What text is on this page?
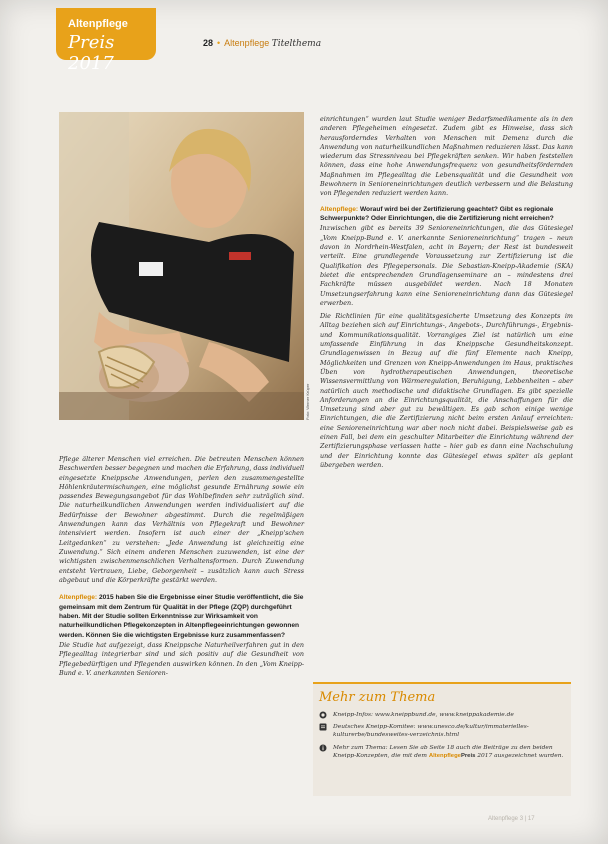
Altenpflege
Preis 2017
28 • Altenpflege Titelthema
Foto: Werner Krüper

Pflege älterer Menschen viel erreichen. Die betreuten Menschen können Beschwerden besser begegnen und machen die Erfahrung, dass individuell eingesetzte Kneippsche Anwendungen, perlen den zusammengestellte Höhlenkräutermischungen, eine möglichst gesunde Ernährung sowie ein passendes Bewegungsangebot für das Wohlbefinden sehr zuträglich sind. Die naturheilkundlichen Anwendungen werden individualisiert auf die Bedürfnisse der Bewohner abgestimmt. Durch die regelmäßigen Anwendungen kann das Verhältnis von Pflegekraft und Bewohner intensiviert werden. Insofern ist auch einer der „Kneipp'schen Leitgedanken“ zu verstehen: „Jede Anwendung ist gleichzeitig eine Zuwendung.“ Sich einem anderen Menschen zuzuwenden, ist eine der wichtigsten zwischenmenschlichen Verhaltensformen. Durch Zuwendung entsteht Vertrauen, Liebe, Geborgenheit – zusätzlich kann auch Stress abgebaut und die Körperkräfte gestärkt werden.

Altenpflege: 2015 haben Sie die Ergebnisse einer Studie veröffentlicht, die Sie gemeinsam mit dem Zentrum für Qualität in der Pflege (ZQP) durchgeführt haben. Mit der Studie sollten Erkenntnisse zur Wirksamkeit von naturheilkundlichen Pflegekonzepten in Altenpflegeeinrichtungen gewonnen werden. Können Sie die wichtigsten Ergebnisse kurz zusammenfassen?

Die Studie hat aufgezeigt, dass Kneippsche Naturheilverfahren gut in den Pflegealltag integrierbar sind und sich positiv auf die Gesundheit von Pflegebedürftigen und Pflegenden auswirken können. In den „Vom Kneipp-Bund e. V. anerkannten Senioren-

einrichtungen“ wurden laut Studie weniger Bedarfsmedikamente als in den anderen Pflegeheimen eingesetzt. Zudem gibt es Hinweise, dass sich herausforderndes Verhalten von Menschen mit Demenz durch die Anwendung von naturheilkundlichen Maßnahmen reduzieren lässt. Das kann wiederum das Stressniveau bei Pflegekräften senken. Wir haben feststellen können, dass eine hohe Anwendungsfrequenz von gesundheitsfördernden Maßnahmen im Pflegealltag die Lebensqualität und die Gesundheit von Bewohnern in Senioreneinrichtungen deutlich verbessern und die Belastung von Pflegenden reduziert werden kann.

Altenpflege: Worauf wird bei der Zertifizierung geachtet? Gibt es regionale Schwerpunkte? Oder Einrichtungen, die die Zertifizierung nicht erreichen?

Inzwischen gibt es bereits 39 Senioreneinrichtungen, die das Gütesiegel „Vom Kneipp-Bund e. V. anerkannte Senioreneinrichtung“ tragen – neun davon in Nordrhein-Westfalen, acht in Bayern; der Rest ist bundesweit verteilt. Eine grundlegende Voraussetzung zur Zertifizierung ist die Qualifikation des Pflegepersonals. Die Sebastian-Kneipp-Akademie (SKA) bietet die entsprechenden Grundlagenseminare an – mindestens drei Fachkräfte müssen ausgebildet werden. Nach 18 Monaten Umsetzungserfahrung kann eine Senioreneinrichtung dann das Gütesiegel erwerben.

Die Richtlinien für eine qualitätsgesicherte Umsetzung des Konzepts im Alltag beziehen sich auf Einrichtungs-, Angebots-, Durchführungs-, Ergebnis- und Kommunikationsqualität. Vorrangiges Ziel ist natürlich um eine umfassende Einführung in das Kneippsche Gesundheitskonzept. Grundlagenwissen in Bezug auf die fünf Elemente nach Kneipp, Möglichkeiten und Grenzen von Kneipp-Anwendungen im Haus, praktisches Üben von hydrotherapeutischen Anwendungen, theoretische Wissensvermittlung von Wärmeregulation, Beruhigung, Lebbenheiten – aber natürlich auch methodische und didaktische Grundlagen. Es gibt spezielle Anforderungen an die Einrichtungsqualität, die Anschaffungen für die Umsetzung sind aber gut zu bewältigen. Es gab schon einige wenige Einrichtungen, die die Zertifizierung nicht beim ersten Anlauf erreichten: eine Senioreneinrichtung war aber noch nicht dabei. Beispielsweise gab es einen Fall, bei dem ein geschulter Mitarbeiter die Einrichtung während der Zertifizierungsphase verlassen hatte – hier gab es dann eine Nachschulung und der Einrichtung konnte das Gütesiegel etwas später als geplant übergeben werden.

Mehr zum Thema
Kneipp-Infos: www.kneippbund.de, www.kneippakademie.de
Deutsches Kneipp-Komitee: www.unesco.de/kultur/immaterielles-kulturerbe/bundesweites-verzeichnis.html
Mehr zum Thema: Lesen Sie ab Seite 18 auch die Beiträge zu den beiden Kneipp-Konzepten, die mit dem AltenpflegePreis 2017 ausgezeichnet wurden.
Altenpflege 3 | 17
